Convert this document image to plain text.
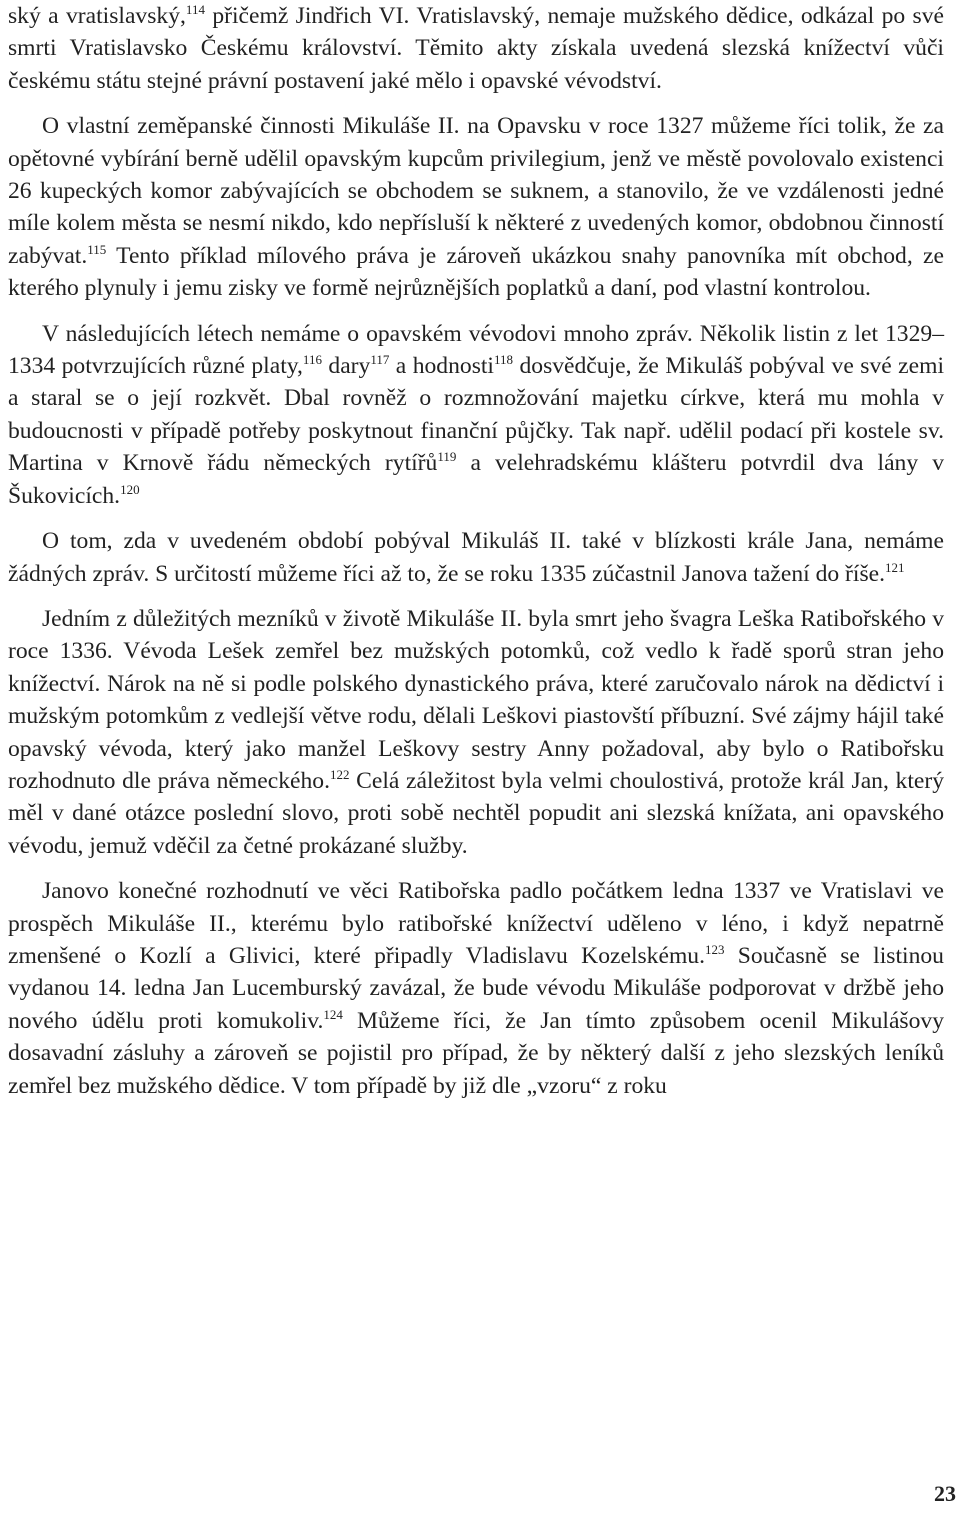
ský a vratislavský,$^{114}$ přičemž Jindřich VI. Vratislavský, nemaje mužského dědice, odkázal po své smrti Vratislavsko Českému království. Těmito akty získala uvedená slezská knížectví vůči českému státu stejné právní postavení jaké mělo i opavské vévodství.

O vlastní zeměpanské činnosti Mikuláše II. na Opavsku v roce 1327 můžeme říci tolik, že za opětovné vybírání berně udělil opavským kupcům privilegium, jenž ve městě povolovalo existenci 26 kupeckých komor zabývajících se obchodem se suknem, a stanovilo, že ve vzdálenosti jedné míle kolem města se nesmí nikdo, kdo nepřísluší k některé z uvedených komor, obdobnou činností zabývat.$^{115}$ Tento příklad mílového práva je zároveň ukázkou snahy panovníka mít obchod, ze kterého plynuly i jemu zisky ve formě nejrůznějších poplatků a daní, pod vlastní kontrolou.

V následujících létech nemáme o opavském vévodovi mnoho zpráv. Několik listin z let 1329–1334 potvrzujících různé platy,$^{116}$ dary$^{117}$ a hodnosti$^{118}$ dosvědčuje, že Mikuláš pobýval ve své zemi a staral se o její rozkvět. Dbal rovněž o rozmnožování majetku církve, která mu mohla v budoucnosti v případě potřeby poskytnout finanční půjčky. Tak např. udělil podací při kostele sv. Martina v Krnově řádu německých rytířů$^{119}$ a velehradskému klášteru potvrdil dva lány v Šukovicích.$^{120}$

O tom, zda v uvedeném období pobýval Mikuláš II. také v blízkosti krále Jana, nemáme žádných zpráv. S určitostí můžeme říci až to, že se roku 1335 zúčastnil Janova tažení do říše.$^{121}$

Jedním z důležitých mezníků v životě Mikuláše II. byla smrt jeho švagra Leška Ratibořského v roce 1336. Vévoda Lešek zemřel bez mužských potomků, což vedlo k řadě sporů stran jeho knížectví. Nárok na ně si podle polského dynastického práva, které zaručovalo nárok na dědictví i mužským potomkům z vedlejší větve rodu, dělali Leškovi piastovští příbuzní. Své zájmy hájil také opavský vévoda, který jako manžel Leškovy sestry Anny požadoval, aby bylo o Ratibořsku rozhodnuto dle práva německého.$^{122}$ Celá záležitost byla velmi choulostivá, protože král Jan, který měl v dané otázce poslední slovo, proti sobě nechtěl popudit ani slezská knížata, ani opavského vévodu, jemuž vděčil za četné prokázané služby.

Janovo konečné rozhodnutí ve věci Ratibořska padlo počátkem ledna 1337 ve Vratislavi ve prospěch Mikuláše II., kterému bylo ratibořské knížectví uděleno v léno, i když nepatrně zmenšené o Kozlí a Glivici, které připadly Vladislavu Kozelskému.$^{123}$ Současně se listinou vydanou 14. ledna Jan Lucemburský zavázal, že bude vévodu Mikuláše podporovat v držbě jeho nového údělu proti komukoliv.$^{124}$ Můžeme říci, že Jan tímto způsobem ocenil Mikulášovy dosavadní zásluhy a zároveň se pojistil pro případ, že by některý další z jeho slezských leníků zemřel bez mužského dědice. V tom případě by již dle „vzoru“ z roku

23
